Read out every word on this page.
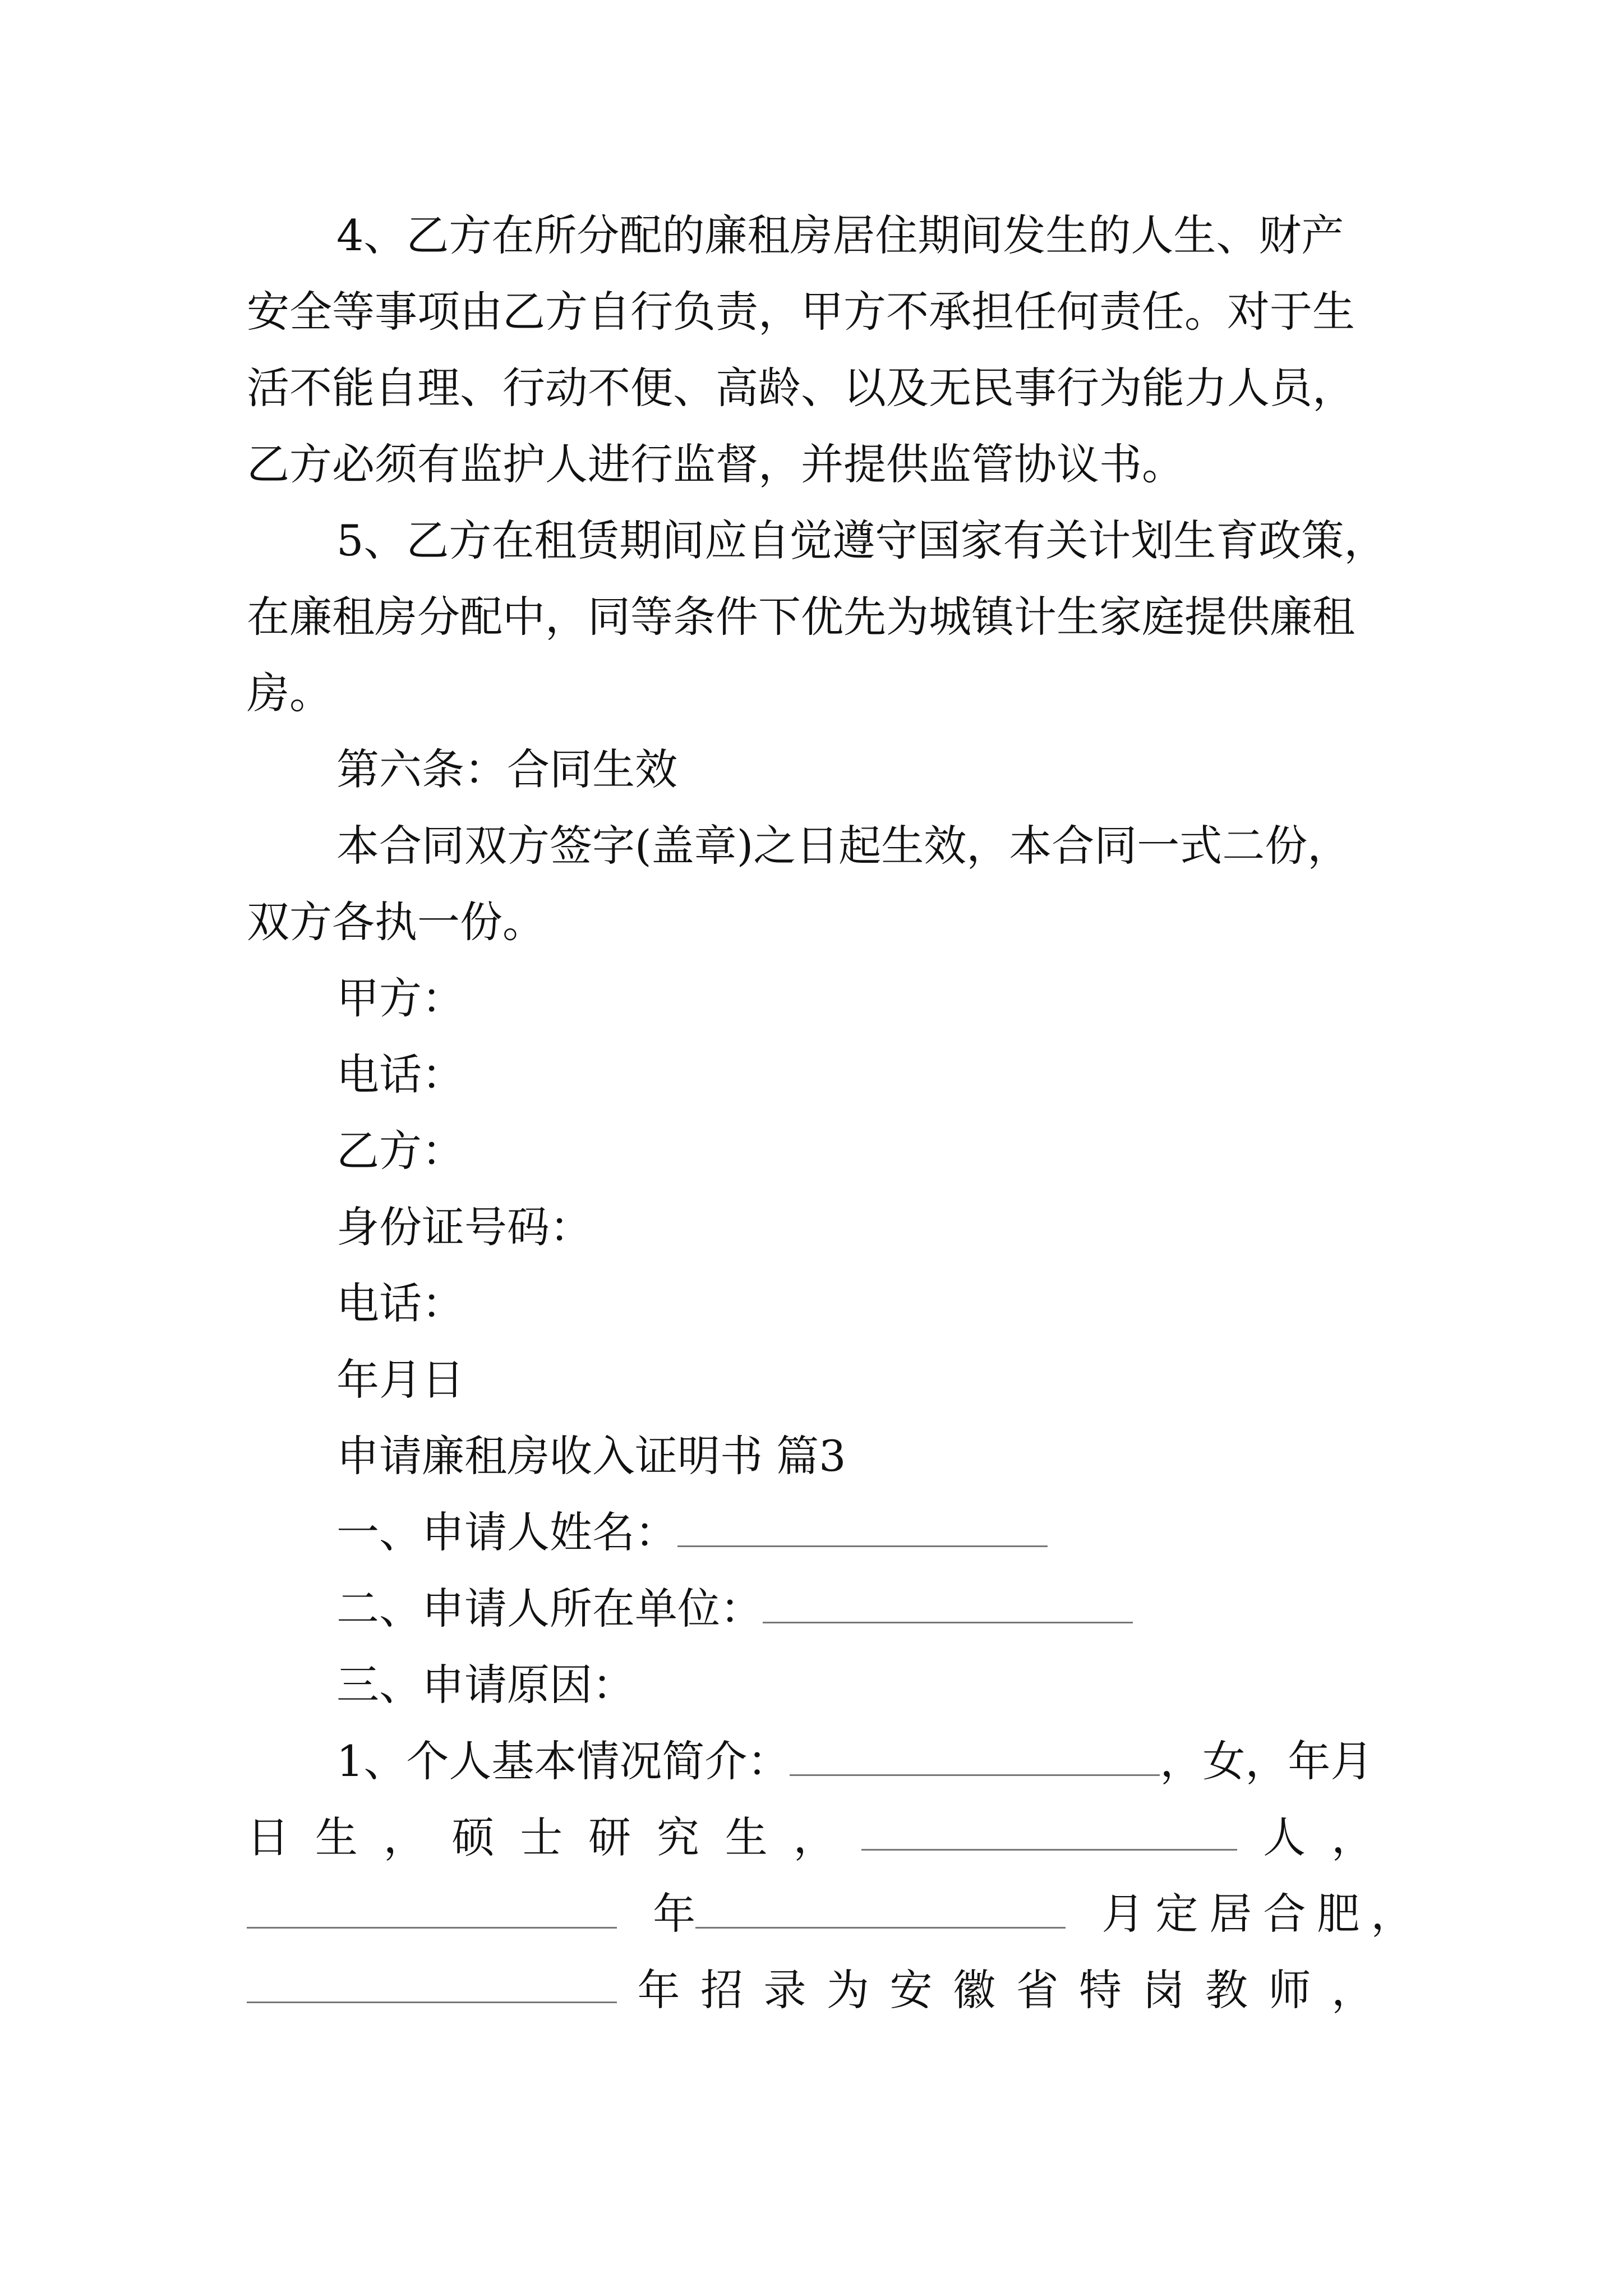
4、乙方在所分配的廉租房居住期间发生的人生、财产
安全等事项由乙方自行负责，甲方不承担任何责任。对于生
活不能自理、行动不便、高龄、以及无民事行为能力人员，
乙方必须有监护人进行监督，并提供监管协议书。
5、乙方在租赁期间应自觉遵守国家有关计划生育政策，
在廉租房分配中，同等条件下优先为城镇计生家庭提供廉租
房。
第六条：合同生效
本合同双方签字(盖章)之日起生效，本合同一式二份，
双方各执一份。
甲方：
电话：
乙方：
身份证号码：
电话：
年月日
申请廉租房收入证明书 篇3
一、申请人姓名：
二、申请人所在单位：
三、申请原因：
1、个人基本情况简介：	，女，年月
日 生 ， 硕 士 研 究 生 ，	人 ，
年	月定居合肥，
年 招 录 为 安 徽 省 特 岗 教 师 ，
